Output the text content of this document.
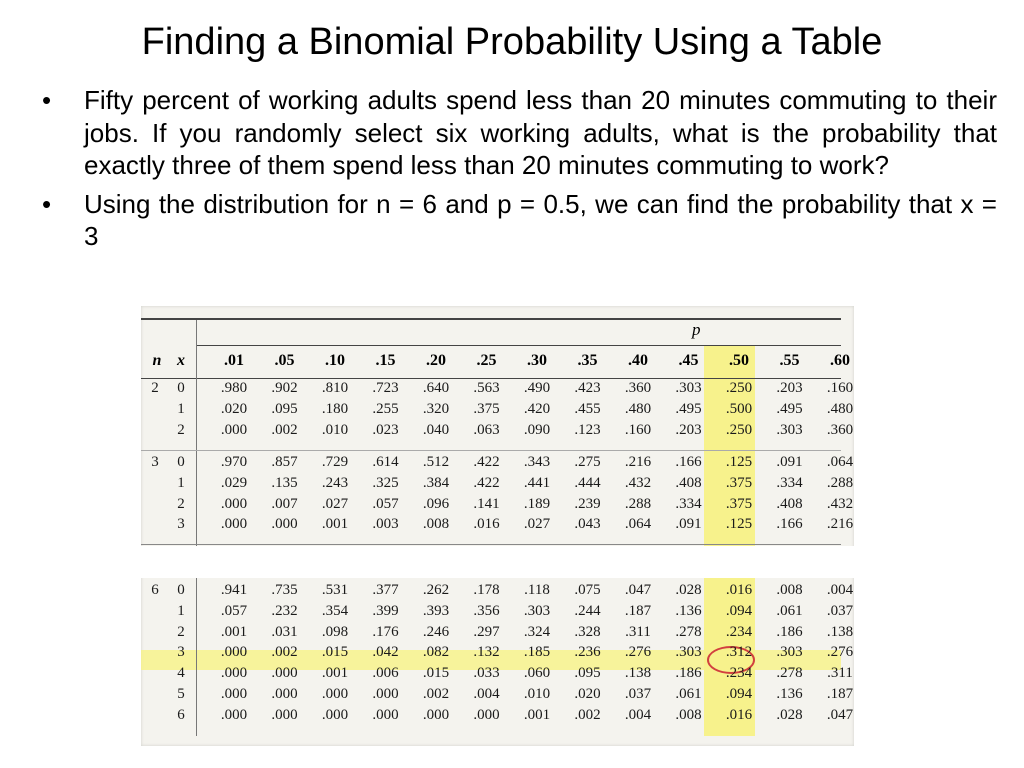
Finding a Binomial Probability Using a Table
• Fifty percent of working adults spend less than 20 minutes commuting to their jobs. If you randomly select six working adults, what is the probability that exactly three of them spend less than 20 minutes commuting to work?
• Using the distribution for n = 6 and p = 0.5, we can find the probability that x = 3
p
n x	.01	.05	.10	.15	.20	.25	.30	.35	.40	.45	.50	.55	.60
2	0	.980	.902	.810	.723	.640	.563	.490	.423	.360	.303	.250	.203	.160
1	.020	.095	.180	.255	.320	.375	.420	.455	.480	.495	.500	.495	.480
2	.000	.002	.010	.023	.040	.063	.090	.123	.160	.203	.250	.303	.360
3	0	.970	.857	.729	.614	.512	.422	.343	.275	.216	.166	.125	.091	.064
1	.029	.135	.243	.325	.384	.422	.441	.444	.432	.408	.375	.334	.288
2	.000	.007	.027	.057	.096	.141	.189	.239	.288	.334	.375	.408	.432
3	.000	.000	.001	.003	.008	.016	.027	.043	.064	.091	.125	.166	.216
6	0	.941	.735	.531	.377	.262	.178	.118	.075	.047	.028	.016	.008	.004
1	.057	.232	.354	.399	.393	.356	.303	.244	.187	.136	.094	.061	.037
2	.001	.031	.098	.176	.246	.297	.324	.328	.311	.278	.234	.186	.138
3	.000	.002	.015	.042	.082	.132	.185	.236	.276	.303	.312	.303	.276
4	.000	.000	.001	.006	.015	.033	.060	.095	.138	.186	.234	.278	.311
5	.000	.000	.000	.000	.002	.004	.010	.020	.037	.061	.094	.136	.187
6	.000	.000	.000	.000	.000	.000	.001	.002	.004	.008	.016	.028	.047
